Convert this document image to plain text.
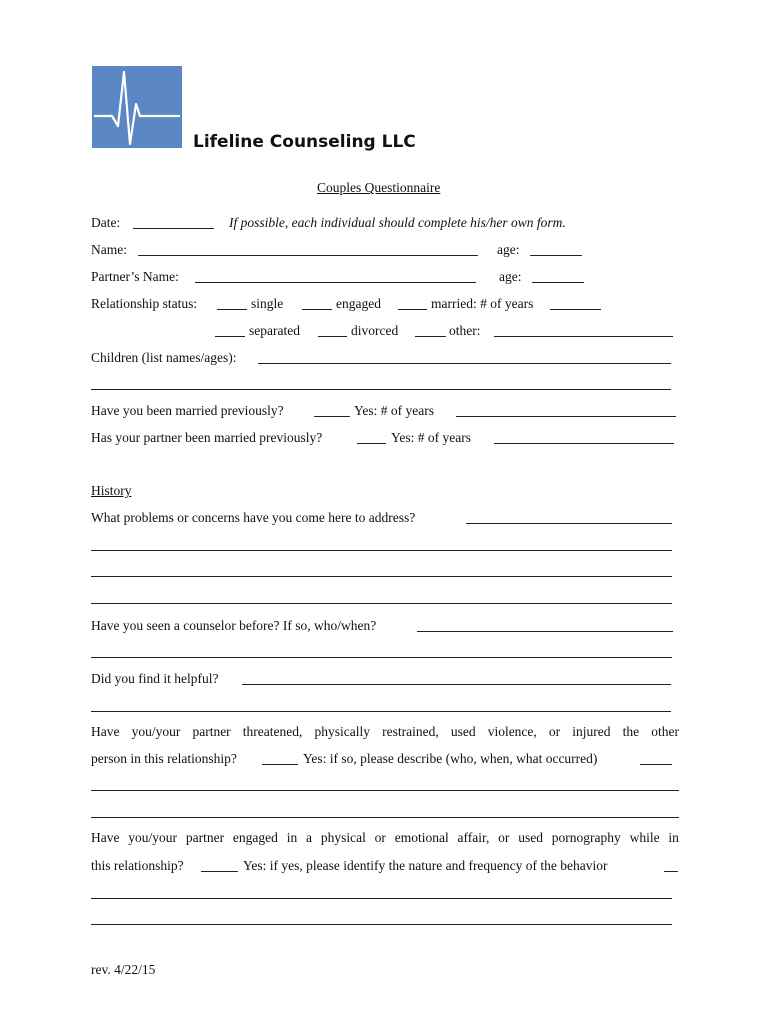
Lifeline Counseling LLC
Couples Questionnaire
Date:	If possible, each individual should complete his/her own form.
Name:	age:
Partner’s Name:	age:
Relationship status:	single	engaged	married: # of years
separated	divorced	other:
Children (list names/ages):
Have you been married previously?	Yes: # of years
Has your partner been married previously?	Yes: # of years
History
What problems or concerns have you come here to address?
Have you seen a counselor before? If so, who/when?
Did you find it helpful?
Have you/your partner threatened, physically restrained, used violence, or injured the other
person in this relationship?	Yes: if so, please describe (who, when, what occurred)
Have you/your partner engaged in a physical or emotional affair, or used pornography while in
this relationship?	Yes: if yes, please identify the nature and frequency of the behavior
rev. 4/22/15
